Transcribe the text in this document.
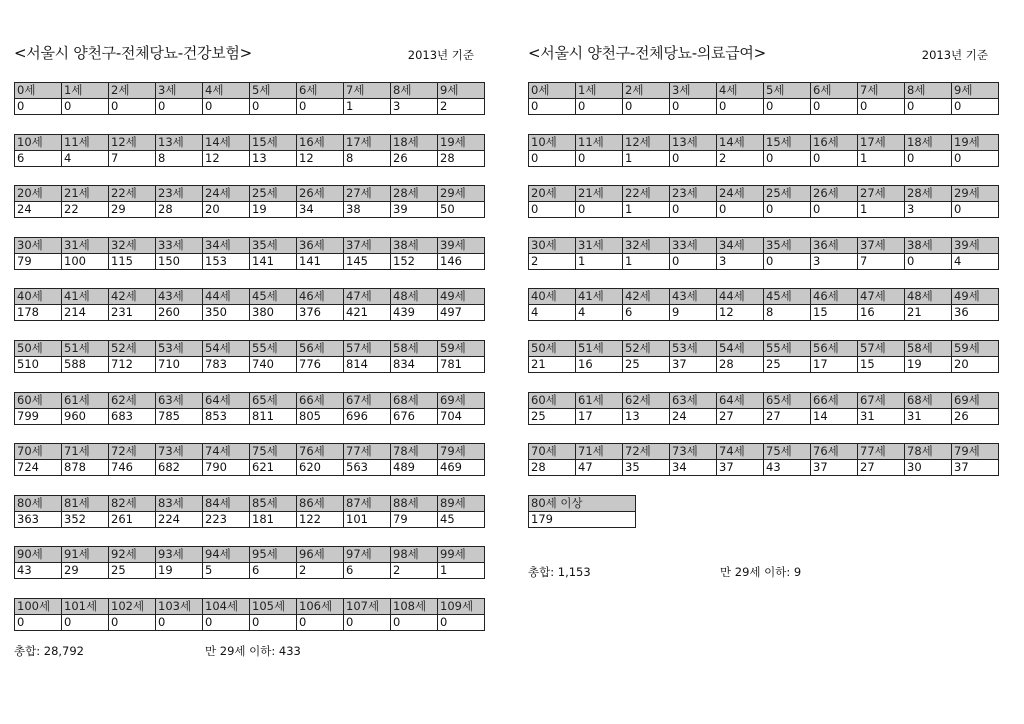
<서울시 양천구-전체당뇨-건강보험>	2013년 기준
0세	1세	2세	3세	4세	5세	6세	7세	8세	9세
0	0	0	0	0	0	0	1	3	2
10세	11세	12세	13세	14세	15세	16세	17세	18세	19세
6	4	7	8	12	13	12	8	26	28
20세	21세	22세	23세	24세	25세	26세	27세	28세	29세
24	22	29	28	20	19	34	38	39	50
30세	31세	32세	33세	34세	35세	36세	37세	38세	39세
79	100	115	150	153	141	141	145	152	146
40세	41세	42세	43세	44세	45세	46세	47세	48세	49세
178	214	231	260	350	380	376	421	439	497
50세	51세	52세	53세	54세	55세	56세	57세	58세	59세
510	588	712	710	783	740	776	814	834	781
60세	61세	62세	63세	64세	65세	66세	67세	68세	69세
799	960	683	785	853	811	805	696	676	704
70세	71세	72세	73세	74세	75세	76세	77세	78세	79세
724	878	746	682	790	621	620	563	489	469
80세	81세	82세	83세	84세	85세	86세	87세	88세	89세
363	352	261	224	223	181	122	101	79	45
90세	91세	92세	93세	94세	95세	96세	97세	98세	99세
43	29	25	19	5	6	2	6	2	1
100세	101세	102세	103세	104세	105세	106세	107세	108세	109세
0	0	0	0	0	0	0	0	0	0
총합: 28,792	만 29세 이하: 433
<서울시 양천구-전체당뇨-의료급여>	2013년 기준
0세	1세	2세	3세	4세	5세	6세	7세	8세	9세
0	0	0	0	0	0	0	0	0	0
10세	11세	12세	13세	14세	15세	16세	17세	18세	19세
0	0	1	0	2	0	0	1	0	0
20세	21세	22세	23세	24세	25세	26세	27세	28세	29세
0	0	1	0	0	0	0	1	3	0
30세	31세	32세	33세	34세	35세	36세	37세	38세	39세
2	1	1	0	3	0	3	7	0	4
40세	41세	42세	43세	44세	45세	46세	47세	48세	49세
4	4	6	9	12	8	15	16	21	36
50세	51세	52세	53세	54세	55세	56세	57세	58세	59세
21	16	25	37	28	25	17	15	19	20
60세	61세	62세	63세	64세	65세	66세	67세	68세	69세
25	17	13	24	27	27	14	31	31	26
70세	71세	72세	73세	74세	75세	76세	77세	78세	79세
28	47	35	34	37	43	37	27	30	37
80세 이상
179
총합: 1,153	만 29세 이하: 9
